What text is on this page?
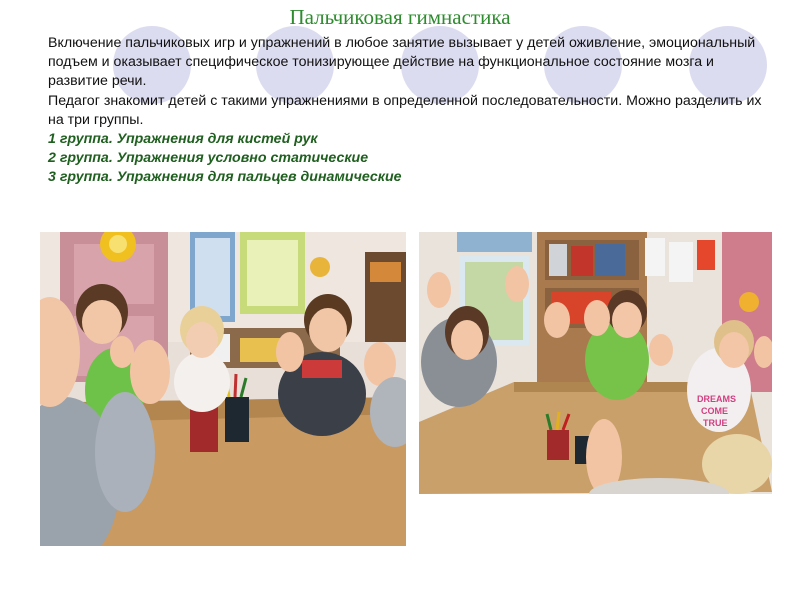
Пальчиковая гимнастика

Включение пальчиковых игр и упражнений в любое занятие вызывает у детей оживление, эмоциональный подъем и оказывает специфическое тонизирующее действие на функциональное состояние мозга и развитие речи.

Педагог знакомит детей с такими упражнениями в определенной последовательности. Можно разделить их на три группы.

1 группа. Упражнения для кистей рук

2 группа. Упражнения условно статические

3 группа. Упражнения для пальцев динамические

DREAMS
COME
TRUE
